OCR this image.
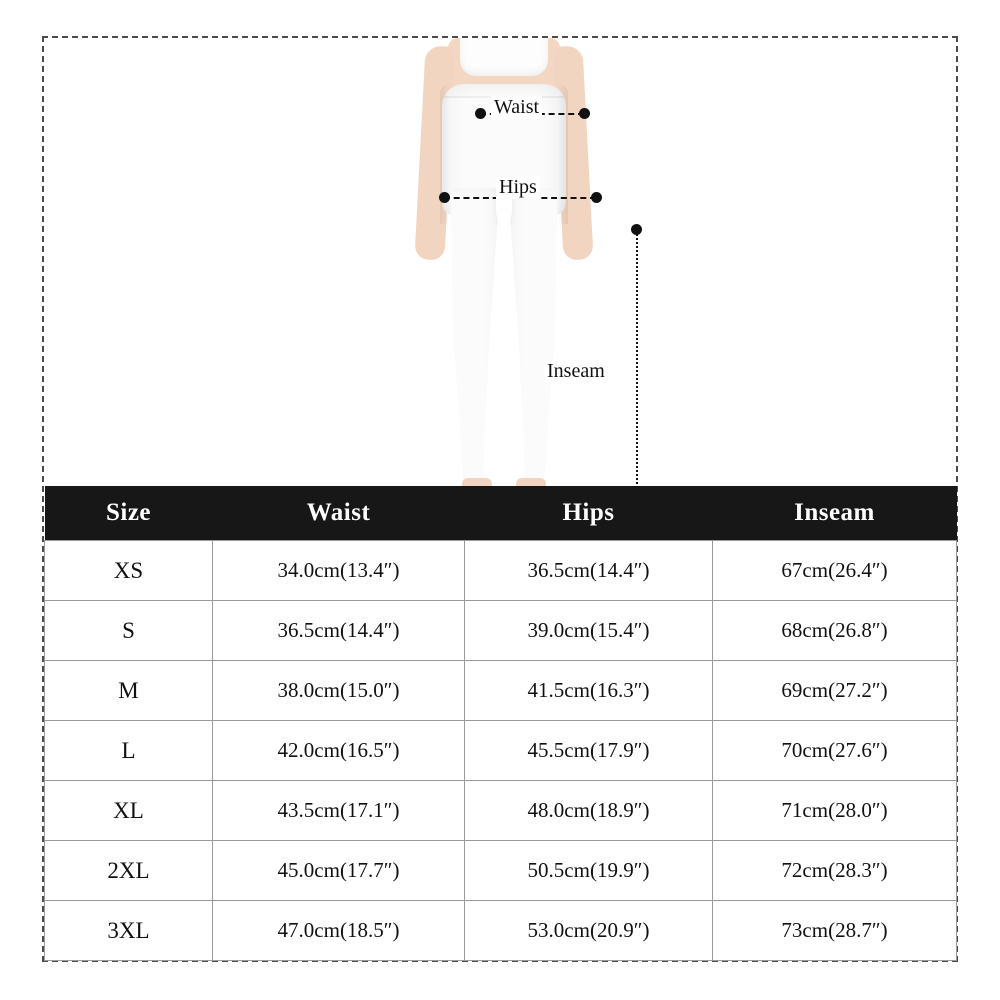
Waist
Hips
Inseam
Size	Waist	Hips	Inseam
XS	34.0cm(13.4″)	36.5cm(14.4″)	67cm(26.4″)
S	36.5cm(14.4″)	39.0cm(15.4″)	68cm(26.8″)
M	38.0cm(15.0″)	41.5cm(16.3″)	69cm(27.2″)
L	42.0cm(16.5″)	45.5cm(17.9″)	70cm(27.6″)
XL	43.5cm(17.1″)	48.0cm(18.9″)	71cm(28.0″)
2XL	45.0cm(17.7″)	50.5cm(19.9″)	72cm(28.3″)
3XL	47.0cm(18.5″)	53.0cm(20.9″)	73cm(28.7″)
